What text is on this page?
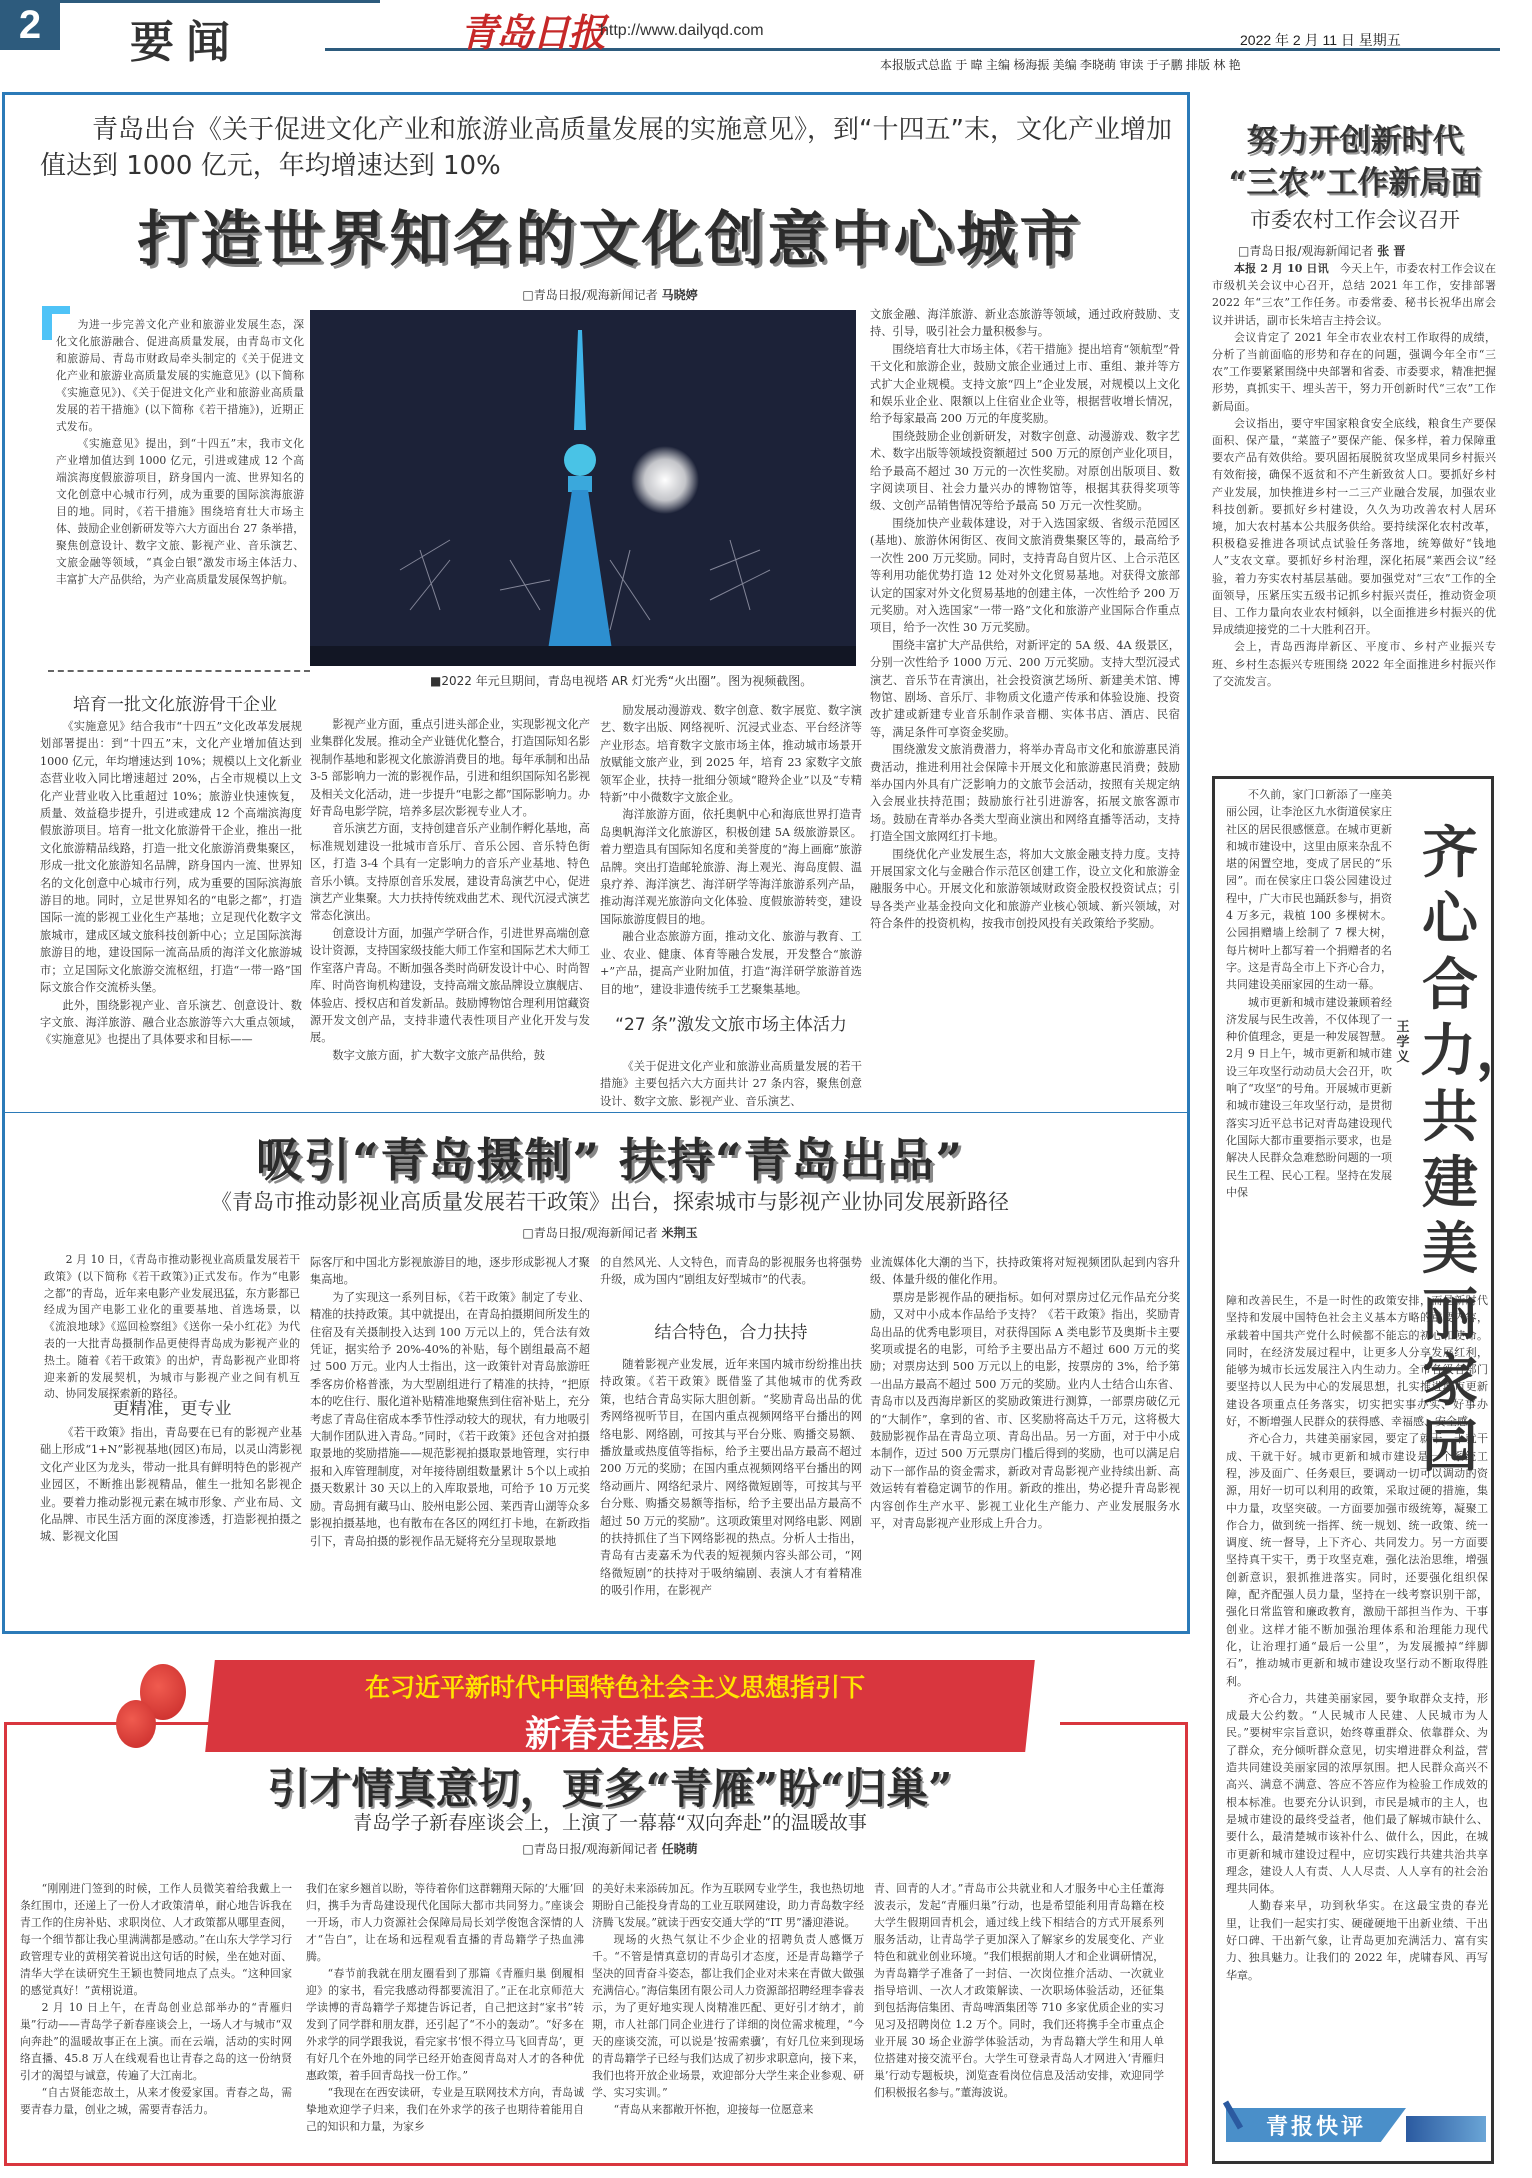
2	要闻	青岛日报
http://www.dailyqd.com
2022 年 2 月 11 日 星期五
本报版式总监 于 暐 主编 杨海振 美编 李晓萌 审读 于子鹏 排版 林 艳
青岛出台《关于促进文化产业和旅游业高质量发展的实施意见》，到“十四五”末，文化产业增加值达到 1000 亿元，年均增速达到 10%
打造世界知名的文化创意中心城市
□青岛日报/观海新闻记者 马晓婷

为进一步完善文化产业和旅游业发展生态，深化文化旅游融合、促进高质量发展，由青岛市文化和旅游局、青岛市财政局牵头制定的《关于促进文化产业和旅游业高质量发展的实施意见》(以下简称《实施意见》)、《关于促进文化产业和旅游业高质量发展的若干措施》(以下简称《若干措施》)，近期正式发布。

《实施意见》提出，到“十四五”末，我市文化产业增加值达到 1000 亿元，引进或建成 12 个高端滨海度假旅游项目，跻身国内一流、世界知名的文化创意中心城市行列，成为重要的国际滨海旅游目的地。同时，《若干措施》围绕培育壮大市场主体、鼓励企业创新研发等六大方面出台 27 条举措，聚焦创意设计、数字文旅、影视产业、音乐演艺、文旅金融等领域，“真金白银”激发市场主体活力、丰富扩大产品供给，为产业高质量发展保驾护航。

■2022 年元旦期间，青岛电视塔 AR 灯光秀“火出圈”。图为视频截图。
培育一批文化旅游骨干企业

《实施意见》结合我市“十四五”文化改革发展规划部署提出：到“十四五”末，文化产业增加值达到 1000 亿元，年均增速达到 10%；规模以上文化新业态营业收入同比增速超过 20%，占全市规模以上文化产业营业收入比重超过 10%；旅游业快速恢复，质量、效益稳步提升，引进或建成 12 个高端滨海度假旅游项目。培育一批文化旅游骨干企业，推出一批文化旅游精品线路，打造一批文化旅游消费集聚区，形成一批文化旅游知名品牌，跻身国内一流、世界知名的文化创意中心城市行列，成为重要的国际滨海旅游目的地。同时，立足世界知名的“电影之都”，打造国际一流的影视工业化生产基地；立足现代化数字文旅城市，建成区域文旅科技创新中心；立足国际滨海旅游目的地，建设国际一流高品质的海洋文化旅游城市；立足国际文化旅游交流枢纽，打造“一带一路”国际文旅合作交流桥头堡。

此外，围绕影视产业、音乐演艺、创意设计、数字文旅、海洋旅游、融合业态旅游等六大重点领域，《实施意见》也提出了具体要求和目标——

影视产业方面，重点引进头部企业，实现影视文化产业集群化发展。推动全产业链优化整合，打造国际知名影视制作基地和影视文化旅游消费目的地。每年承制和出品 3-5 部影响力一流的影视作品，引进和组织国际知名影视及相关文化活动，进一步提升“电影之都”国际影响力。办好青岛电影学院，培养多层次影视专业人才。

音乐演艺方面，支持创建音乐产业制作孵化基地，高标准规划建设一批城市音乐厅、音乐公园、音乐特色街区，打造 3-4 个具有一定影响力的音乐产业基地、特色音乐小镇。支持原创音乐发展，建设青岛演艺中心，促进演艺产业集聚。大力扶持传统戏曲艺术、现代沉浸式演艺常态化演出。

创意设计方面，加强产学研合作，引进世界高端创意设计资源，支持国家级技能大师工作室和国际艺术大师工作室落户青岛。不断加强各类时尚研发设计中心、时尚智库、时尚咨询机构建设，支持高端文旅品牌设立旗舰店、体验店、授权店和首发新品。鼓励博物馆合理利用馆藏资源开发文创产品，支持非遗代表性项目产业化开发与发展。

数字文旅方面，扩大数字文旅产品供给，鼓

励发展动漫游戏、数字创意、数字展览、数字演艺、数字出版、网络视听、沉浸式业态、平台经济等产业形态。培育数字文旅市场主体，推动城市场景开放赋能文旅产业，到 2025 年，培育 23 家数字文旅领军企业，扶持一批细分领域“瞪羚企业”以及“专精特新”中小微数字文旅企业。

海洋旅游方面，依托奥帆中心和海底世界打造青岛奥帆海洋文化旅游区，积极创建 5A 级旅游景区。着力塑造具有国际知名度和美誉度的“海上画廊”旅游品牌。突出打造邮轮旅游、海上观光、海岛度假、温泉疗养、海洋演艺、海洋研学等海洋旅游系列产品，推动海洋观光旅游向文化体验、度假旅游转变，建设国际旅游度假目的地。

融合业态旅游方面，推动文化、旅游与教育、工业、农业、健康、体育等融合发展，开发整合“旅游+”产品，提高产业附加值，打造“海洋研学旅游首选目的地”，建设非遗传统手工艺聚集基地。

“27 条”激发文旅市场主体活力

《关于促进文化产业和旅游业高质量发展的若干措施》主要包括六大方面共计 27 条内容，聚焦创意设计、数字文旅、影视产业、音乐演艺、

文旅金融、海洋旅游、新业态旅游等领域，通过政府鼓励、支持、引导，吸引社会力量积极参与。

围绕培育壮大市场主体，《若干措施》提出培育“领航型”骨干文化和旅游企业，鼓励文旅企业通过上市、重组、兼并等方式扩大企业规模。支持文旅“四上”企业发展，对规模以上文化和娱乐业企业、限额以上住宿业企业等，根据营收增长情况，给予每家最高 200 万元的年度奖励。

围绕鼓励企业创新研发，对数字创意、动漫游戏、数字艺术、数字出版等领域投资额超过 500 万元的原创产业化项目，给予最高不超过 30 万元的一次性奖励。对原创出版项目、数字阅读项目、社会力量兴办的博物馆等，根据其获得奖项等级、文创产品销售情况等给予最高 50 万元一次性奖励。

围绕加快产业载体建设，对于入选国家级、省级示范园区(基地)、旅游休闲街区、夜间文旅消费集聚区等的，最高给予一次性 200 万元奖励。同时，支持青岛自贸片区、上合示范区等利用功能优势打造 12 处对外文化贸易基地。对获得文旅部认定的国家对外文化贸易基地的创建主体，一次性给予 200 万元奖励。对入选国家“一带一路”文化和旅游产业国际合作重点项目，给予一次性 30 万元奖励。

围绕丰富扩大产品供给，对新评定的 5A 级、4A 级景区，分别一次性给予 1000 万元、200 万元奖励。支持大型沉浸式演艺、音乐节在青演出，社会投资演艺场所、新建美术馆、博物馆、剧场、音乐厅、非物质文化遗产传承和体验设施、投资改扩建或新建专业音乐制作录音棚、实体书店、酒店、民宿等，满足条件可享资金奖励。

围绕激发文旅消费潜力，将举办青岛市文化和旅游惠民消费活动，推进利用社会保障卡开展文化和旅游惠民消费；鼓励举办国内外具有广泛影响力的文旅节会活动，按照有关规定纳入会展业扶持范围；鼓励旅行社引进游客，拓展文旅客源市场。鼓励在青举办各类大型商业演出和网络直播等活动，支持打造全国文旅网红打卡地。

围绕优化产业发展生态，将加大文旅金融支持力度。支持开展国家文化与金融合作示范区创建工作，设立文化和旅游金融服务中心。开展文化和旅游领域财政资金股权投资试点；引导各类产业基金投向文化和旅游产业核心领域、新兴领域，对符合条件的投资机构，按我市创投风投有关政策给予奖励。

吸引“青岛摄制” 扶持“青岛出品”
《青岛市推动影视业高质量发展若干政策》出台，探索城市与影视产业协同发展新路径
□青岛日报/观海新闻记者 米荆玉

2 月 10 日，《青岛市推动影视业高质量发展若干政策》(以下简称《若干政策》)正式发布。作为“电影之都”的青岛，近年来电影产业发展迅猛，东方影都已经成为国产电影工业化的重要基地、首选场景，以《流浪地球》《巡回检察组》《送你一朵小红花》为代表的一大批青岛摄制作品更使得青岛成为影视产业的热土。随着《若干政策》的出炉，青岛影视产业即将迎来新的发展契机，为城市与影视产业之间有机互动、协同发展探索新的路径。

更精准，更专业

《若干政策》指出，青岛要在已有的影视产业基础上形成“1+N”影视基地(园区)布局，以灵山湾影视文化产业区为龙头，带动一批具有鲜明特色的影视产业园区，不断推出影视精品，催生一批知名影视企业。要着力推动影视元素在城市形象、产业布局、文化品牌、市民生活方面的深度渗透，打造影视拍摄之城、影视文化国

际客厅和中国北方影视旅游目的地，逐步形成影视人才聚集高地。

为了实现这一系列目标，《若干政策》制定了专业、精准的扶持政策。其中就提出，在青岛拍摄期间所发生的住宿及有关摄制投入达到 100 万元以上的，凭合法有效凭证，据实给予 20%-40%的补贴，每个剧组最高不超过 500 万元。业内人士指出，这一政策针对青岛旅游旺季客房价格普涨，为大型剧组进行了精准的扶持，“把原本的吃住行、服化道补贴精准地聚焦到住宿补贴上，充分考虑了青岛住宿成本季节性浮动较大的现状，有力地吸引大制作团队进入青岛。”同时，《若干政策》还包含对拍摄取景地的奖励措施——规范影视拍摄取景地管理，实行申报和入库管理制度，对年接待剧组数量累计 5个以上或拍摄天数累计 30 天以上的入库取景地，可给予 10 万元奖励。青岛拥有藏马山、胶州电影公园、莱西青山湖等众多影视拍摄基地，也有散布在各区的网红打卡地，在新政指引下，青岛拍摄的影视作品无疑将充分呈现取景地

的自然风光、人文特色，而青岛的影视服务也将强势升级，成为国内“剧组友好型城市”的代表。

结合特色，合力扶持

随着影视产业发展，近年来国内城市纷纷推出扶持政策。《若干政策》既借鉴了其他城市的优秀政策，也结合青岛实际大胆创新。“奖励青岛出品的优秀网络视听节目，在国内重点视频网络平台播出的网络电影、网络剧，可按其与平台分账、购播交易额、播放量或热度值等指标，给予主要出品方最高不超过 200 万元的奖励；在国内重点视频网络平台播出的网络动画片、网络纪录片、网络微短剧等，可按其与平台分账、购播交易额等指标，给予主要出品方最高不超过 50 万元的奖励”。这项政策里对网络电影、网剧的扶持抓住了当下网络影视的热点。分析人士指出，青岛有古麦嘉禾为代表的短视频内容头部公司，“网络微短剧”的扶持对于吸纳编剧、表演人才有着精准的吸引作用，在影视产

业流媒体化大潮的当下，扶持政策将对短视频团队起到内容升级、体量升级的催化作用。

票房是影视作品的硬指标。如何对票房过亿元作品充分奖励，又对中小成本作品给予支持？《若干政策》指出，奖励青岛出品的优秀电影项目，对获得国际 A 类电影节及奥斯卡主要奖项或提名的电影，可给予主要出品方不超过 600 万元的奖励；对票房达到 500 万元以上的电影，按票房的 3%，给予第一出品方最高不超过 500 万元的奖励。业内人士结合山东省、青岛市以及西海岸新区的奖励政策进行测算，一部票房破亿元的“大制作”，拿到的省、市、区奖励将高达千万元，这将极大鼓励影视作品在青岛立项、青岛出品。另一方面，对于中小成本制作，迈过 500 万元票房门槛后得到的奖励，也可以满足启动下一部作品的资金需求，新政对青岛影视产业持续出新、高效运转有着稳定调节的作用。新政的推出，势必提升青岛影视内容创作生产水平、影视工业化生产能力、产业发展服务水平，对青岛影视产业形成上升合力。

努力开创新时代
“三农”工作新局面
市委农村工作会议召开
□青岛日报/观海新闻记者 张 晋

本报 2 月 10 日讯　 今天上午，市委农村工作会议在市级机关会议中心召开，总结 2021 年工作，安排部署 2022 年“三农”工作任务。市委常委、秘书长祝华出席会议并讲话，副市长朱培吉主持会议。

会议肯定了 2021 年全市农业农村工作取得的成绩，分析了当前面临的形势和存在的问题，强调今年全市“三农”工作要紧紧围绕中央部署和省委、市委要求，精准把握形势，真抓实干、埋头苦干，努力开创新时代“三农”工作新局面。

会议指出，要守牢国家粮食安全底线，粮食生产要保面积、保产量，“菜篮子”要保产能、保多样，着力保障重要农产品有效供给。要巩固拓展脱贫攻坚成果同乡村振兴有效衔接，确保不返贫和不产生新致贫人口。要抓好乡村产业发展，加快推进乡村一二三产业融合发展，加强农业科技创新。要抓好乡村建设，久久为功改善农村人居环境，加大农村基本公共服务供给。要持续深化农村改革，积极稳妥推进各项试点试验任务落地，统筹做好“钱地人”支农文章。要抓好乡村治理，深化拓展“莱西会议”经验，着力夯实农村基层基础。要加强党对“三农”工作的全面领导，压紧压实五级书记抓乡村振兴责任，推动资金项目、工作力量向农业农村倾斜，以全面推进乡村振兴的优异成绩迎接党的二十大胜利召开。

会上，青岛西海岸新区、平度市、乡村产业振兴专班、乡村生态振兴专班围绕 2022 年全面推进乡村振兴作了交流发言。

齐心合力，共建美丽家园
王学义

不久前，家门口新添了一座美丽公园，让李沧区九水街道侯家庄社区的居民很感惬意。在城市更新和城市建设中，这里由原来杂乱不堪的闲置空地，变成了居民的“乐园”。而在侯家庄口袋公园建设过程中，广大市民也踊跃参与，捐资 4 万多元，栽植 100 多棵树木。公园捐赠墙上绘制了 7 棵大树，每片树叶上都写着一个捐赠者的名字。这是青岛全市上下齐心合力，共同建设美丽家园的生动一幕。

城市更新和城市建设兼顾着经济发展与民生改善，不仅体现了一种价值理念，更是一种发展智慧。2月 9 日上午，城市更新和城市建设三年攻坚行动动员大会召开，吹响了“攻坚”的号角。开展城市更新和城市建设三年攻坚行动，是贯彻落实习近平总书记对青岛建设现代化国际大都市重要指示要求，也是解决人民群众急难愁盼问题的一项民生工程、民心工程。坚持在发展中保

障和改善民生，不是一时性的政策安排，而是新时代坚持和发展中国特色社会主义基本方略的重要内容，承载着中国共产党什么时候都不能忘的初心和使命。同时，在经济发展过程中，让更多人分享发展红利，能够为城市长远发展注入内生动力。全市各级各部门要坚持以人民为中心的发展思想，扎实推进城市更新建设各项重点任务落实，切实把实事办实、好事办好，不断增强人民群众的获得感、幸福感、安全感。

齐心合力，共建美丽家园，要定了就干、干就干成、干就干好。城市更新和城市建设是一个系统工程，涉及面广、任务艰巨，要调动一切可以调动的资源，用好一切可以利用的政策，采取过硬的措施，集中力量，攻坚突破。一方面要加强市级统筹，凝聚工作合力，做到统一指挥、统一规划、统一政策、统一调度、统一督导，上下齐心、共同发力。另一方面要坚持真干实干，勇于攻坚克难，强化法治思维，增强创新意识，狠抓推进落实。同时，还要强化组织保障，配齐配强人员力量，坚持在一线考察识别干部，强化日常监管和廉政教育，激励干部担当作为、干事创业。这样才能不断加强治理体系和治理能力现代化，让治理打通“最后一公里”，为发展搬掉“绊脚石”，推动城市更新和城市建设攻坚行动不断取得胜利。

齐心合力，共建美丽家园，要争取群众支持，形成最大公约数。“人民城市人民建、人民城市为人民。”要树牢宗旨意识，始终尊重群众、依靠群众、为了群众，充分倾听群众意见，切实增进群众利益，营造共同建设美丽家园的浓厚氛围。把人民群众高兴不高兴、满意不满意、答应不答应作为检验工作成效的根本标准。也要充分认识到，市民是城市的主人，也是城市建设的最终受益者，他们最了解城市缺什么、要什么，最清楚城市该补什么、做什么，因此，在城市更新和城市建设过程中，应切实践行共建共治共享理念，建设人人有责、人人尽责、人人享有的社会治理共同体。

人勤春来早，功到秋华实。在这最宝贵的春光里，让我们一起实打实、硬碰硬地干出新业绩、干出好口碑、干出新气象，让青岛更加充满活力、富有实力、独具魅力。让我们的 2022 年，虎啸春风、再写华章。

青报快评
在习近平新时代中国特色社会主义思想指引下
新春走基层
引才情真意切，更多“青雁”盼“归巢”
青岛学子新春座谈会上，上演了一幕幕“双向奔赴”的温暖故事
□青岛日报/观海新闻记者 任晓萌

“刚刚进门签到的时候，工作人员微笑着给我戴上一条红围巾，还递上了一份人才政策清单，耐心地告诉我在青工作的住房补贴、求职岗位、人才政策都从哪里查阅，每一个细节都让我心里满满都是感动。”在山东大学学习行政管理专业的黄栩笑着说出这句话的时候，坐在她对面、清华大学在读研究生王颖也赞同地点了点头。“这种回家的感觉真好！”黄栩说道。

2 月 10 日上午，在青岛创业总部举办的“青雁归巢”行动——青岛学子新春座谈会上，一场人才与城市“双向奔赴”的温暖故事正在上演。而在云端，活动的实时网络直播、45.8 万人在线观看也让青春之岛的这一份纳贤引才的渴望与诚意，传遍了大江南北。

“自古贤能恋故土，从来才俊爱家国。青春之岛，需要青春力量，创业之城，需要青春活力。

我们在家乡翘首以盼，等待着你们这群翱翔天际的‘大雁’回归，携手为青岛建设现代化国际大都市共同努力。”座谈会一开场，市人力资源社会保障局局长刘学俊饱含深情的人才“告白”，让在场和远程观看直播的青岛籍学子热血沸腾。

“春节前我就在朋友圈看到了那篇《青雁归巢 倒履相迎》的家书，看完我感动得都要流泪了。”正在北京师范大学读博的青岛籍学子郑捷告诉记者，自己把这封“家书”转发到了同学群和朋友群，还引起了“不小的轰动”。“好多在外求学的同学跟我说，看完家书‘恨不得立马飞回青岛’，更有好几个在外地的同学已经开始查阅青岛对人才的各种优惠政策，着手回青岛找一份工作。”

“我现在在西安读研，专业是互联网技术方向，青岛诚挚地欢迎学子归来，我们在外求学的孩子也期待着能用自己的知识和力量，为家乡

的美好未来添砖加瓦。作为互联网专业学生，我也热切地期盼自己能投身青岛的工业互联网建设，助力青岛数字经济腾飞发展。”就读于西安交通大学的“IT 男”潘迎港说。

现场的火热气氛让不少企业的招聘负责人感慨万千。“不管是情真意切的青岛引才态度，还是青岛籍学子坚决的回青奋斗姿态，都让我们企业对未来在青做大做强充满信心。”海信集团有限公司人力资源部招聘经理李睿表示，为了更好地实现人岗精准匹配、更好引才纳才，前期，市人社部门同企业进行了详细的岗位需求梳理，“今天的座谈交流，可以说是‘按需索骥’，有好几位来到现场的青岛籍学子已经与我们达成了初步求职意向，接下来，我们也将开放企业场景，欢迎部分大学生来企业参观、研学、实习实训。”

“青岛从来都敞开怀抱，迎接每一位愿意来

青、回青的人才。”青岛市公共就业和人才服务中心主任董海波表示，发起“青雁归巢”行动，也是希望能利用青岛籍在校大学生假期回青机会，通过线上线下相结合的方式开展系列服务活动，让青岛学子更加深入了解家乡的发展变化、产业特色和就业创业环境。“我们根据前期人才和企业调研情况，为青岛籍学子准备了一封信、一次岗位推介活动、一次就业指导培训、一次人才政策解读、一次职场体验活动，还征集到包括海信集团、青岛啤酒集团等 710 多家优质企业的实习见习及招聘岗位 1.2 万个。同时，我们还将携手全市重点企业开展 30 场企业游学体验活动，为青岛籍大学生和用人单位搭建对接交流平台。大学生可登录青岛人才网进入‘青雁归巢’行动专题板块，浏览查看岗位信息及活动安排，欢迎同学们积极报名参与。”董海波说。
